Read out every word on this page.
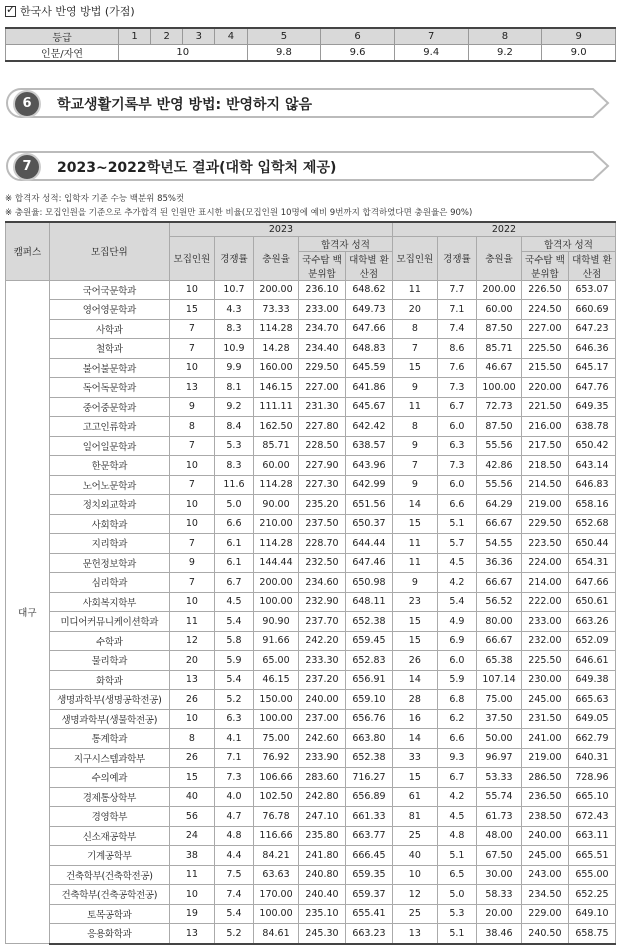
✓
한국사 반영 방법 (가점)
등급	1	2	3	4	5	6	7	8	9
인문/자연	10				9.8	9.6	9.4	9.2	9.0
6	학교생활기록부 반영 방법: 반영하지 않음
7	2023~2022학년도 결과(대학 입학처 제공)
※ 합격자 성적: 입학자 기준 수능 백분위 85%컷
※ 충원율: 모집인원을 기준으로 추가합격 된 인원만 표시한 비율(모집인원 10명에 예비 9번까지 합격하였다면 충원율은 90%)
캠퍼스	모집단위	2023					2022				
		모집인원	경쟁률	충원율	합격자 성적		모집인원	경쟁률	충원율	합격자 성적	
					국수탐 백분위합	대학별 환산점				국수탐 백분위합	대학별 환산점
대구	국어국문학과	10	10.7	200.00	236.10	648.62	11	7.7	200.00	226.50	653.07
	영어영문학과	15	4.3	73.33	233.00	649.73	20	7.1	60.00	224.50	660.69
	사학과	7	8.3	114.28	234.70	647.66	8	7.4	87.50	227.00	647.23
	철학과	7	10.9	14.28	234.40	648.83	7	8.6	85.71	225.50	646.36
	불어불문학과	10	9.9	160.00	229.50	645.59	15	7.6	46.67	215.50	645.17
	독어독문학과	13	8.1	146.15	227.00	641.86	9	7.3	100.00	220.00	647.76
	중어중문학과	9	9.2	111.11	231.30	645.67	11	6.7	72.73	221.50	649.35
	고고인류학과	8	8.4	162.50	227.80	642.42	8	6.0	87.50	216.00	638.78
	일어일문학과	7	5.3	85.71	228.50	638.57	9	6.3	55.56	217.50	650.42
	한문학과	10	8.3	60.00	227.90	643.96	7	7.3	42.86	218.50	643.14
	노어노문학과	7	11.6	114.28	227.30	642.99	9	6.0	55.56	214.50	646.83
	정치외교학과	10	5.0	90.00	235.20	651.56	14	6.6	64.29	219.00	658.16
	사회학과	10	6.6	210.00	237.50	650.37	15	5.1	66.67	229.50	652.68
	지리학과	7	6.1	114.28	228.70	644.44	11	5.7	54.55	223.50	650.44
	문헌정보학과	9	6.1	144.44	232.50	647.46	11	4.5	36.36	224.00	654.31
	심리학과	7	6.7	200.00	234.60	650.98	9	4.2	66.67	214.00	647.66
	사회복지학부	10	4.5	100.00	232.90	648.11	23	5.4	56.52	222.00	650.61
	미디어커뮤니케이션학과	11	5.4	90.90	237.70	652.38	15	4.9	80.00	233.00	663.26
	수학과	12	5.8	91.66	242.20	659.45	15	6.9	66.67	232.00	652.09
	물리학과	20	5.9	65.00	233.30	652.83	26	6.0	65.38	225.50	646.61
	화학과	13	5.4	46.15	237.20	656.91	14	5.9	107.14	230.00	649.38
	생명과학부(생명공학전공)	26	5.2	150.00	240.00	659.10	28	6.8	75.00	245.00	665.63
	생명과학부(생물학전공)	10	6.3	100.00	237.00	656.76	16	6.2	37.50	231.50	649.05
	통계학과	8	4.1	75.00	242.60	663.80	14	6.6	50.00	241.00	662.79
	지구시스템과학부	26	7.1	76.92	233.90	652.38	33	9.3	96.97	219.00	640.31
	수의예과	15	7.3	106.66	283.60	716.27	15	6.7	53.33	286.50	728.96
	경제통상학부	40	4.0	102.50	242.80	656.89	61	4.2	55.74	236.50	665.10
	경영학부	56	4.7	76.78	247.10	661.33	81	4.5	61.73	238.50	672.43
	신소재공학부	24	4.8	116.66	235.80	663.77	25	4.8	48.00	240.00	663.11
	기계공학부	38	4.4	84.21	241.80	666.45	40	5.1	67.50	245.00	665.51
	건축학부(건축학전공)	11	7.5	63.63	240.80	659.35	10	6.5	30.00	243.00	655.00
	건축학부(건축공학전공)	10	7.4	170.00	240.40	659.37	12	5.0	58.33	234.50	652.25
	토목공학과	19	5.4	100.00	235.10	655.41	25	5.3	20.00	229.00	649.10
	응용화학과	13	5.2	84.61	245.30	663.23	13	5.1	38.46	240.50	658.75
